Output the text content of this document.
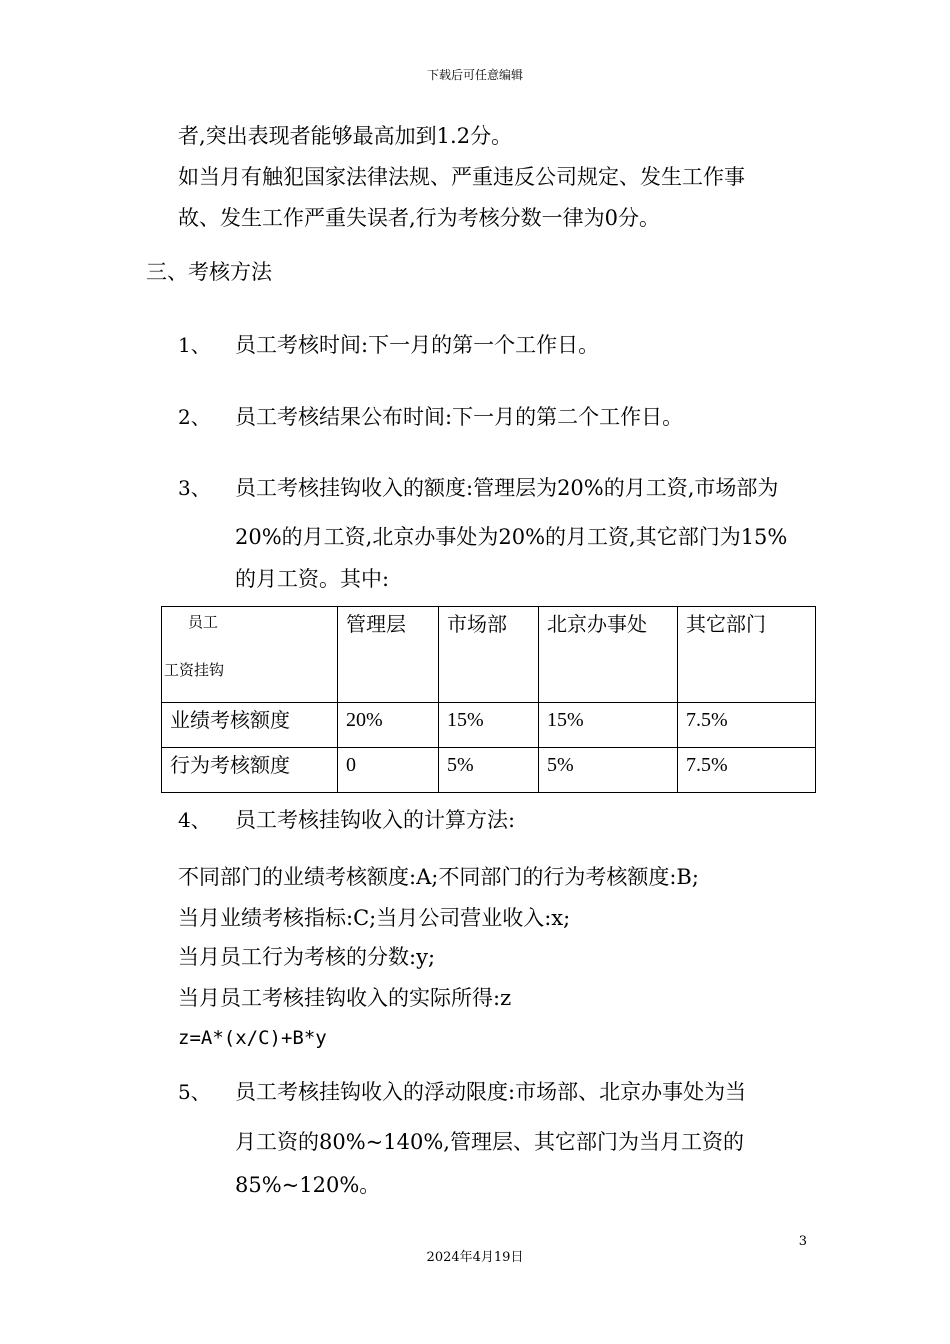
下载后可任意编辑
者,突出表现者能够最高加到1.2分。
如当月有触犯国家法律法规、严重违反公司规定、发生工作事
故、发生工作严重失误者,行为考核分数一律为0分。
三、考核方法
1、 员工考核时间:下一月的第一个工作日。
2、 员工考核结果公布时间:下一月的第二个工作日。
3、 员工考核挂钩收入的额度:管理层为20%的月工资,市场部为
20%的月工资,北京办事处为20%的月工资,其它部门为15%
的月工资。其中:
员工
工资挂钩	管理层	市场部	北京办事处	其它部门
业绩考核额度	20%	15%	15%	7.5%
行为考核额度	0	5%	5%	7.5%
4、 员工考核挂钩收入的计算方法:
不同部门的业绩考核额度:A;不同部门的行为考核额度:B;
当月业绩考核指标:C;当月公司营业收入:x;
当月员工行为考核的分数:y;
当月员工考核挂钩收入的实际所得:z
z=A*(x/C)+B*y
5、 员工考核挂钩收入的浮动限度:市场部、北京办事处为当
月工资的80%~140%,管理层、其它部门为当月工资的
85%~120%。
3
2024年4月19日
